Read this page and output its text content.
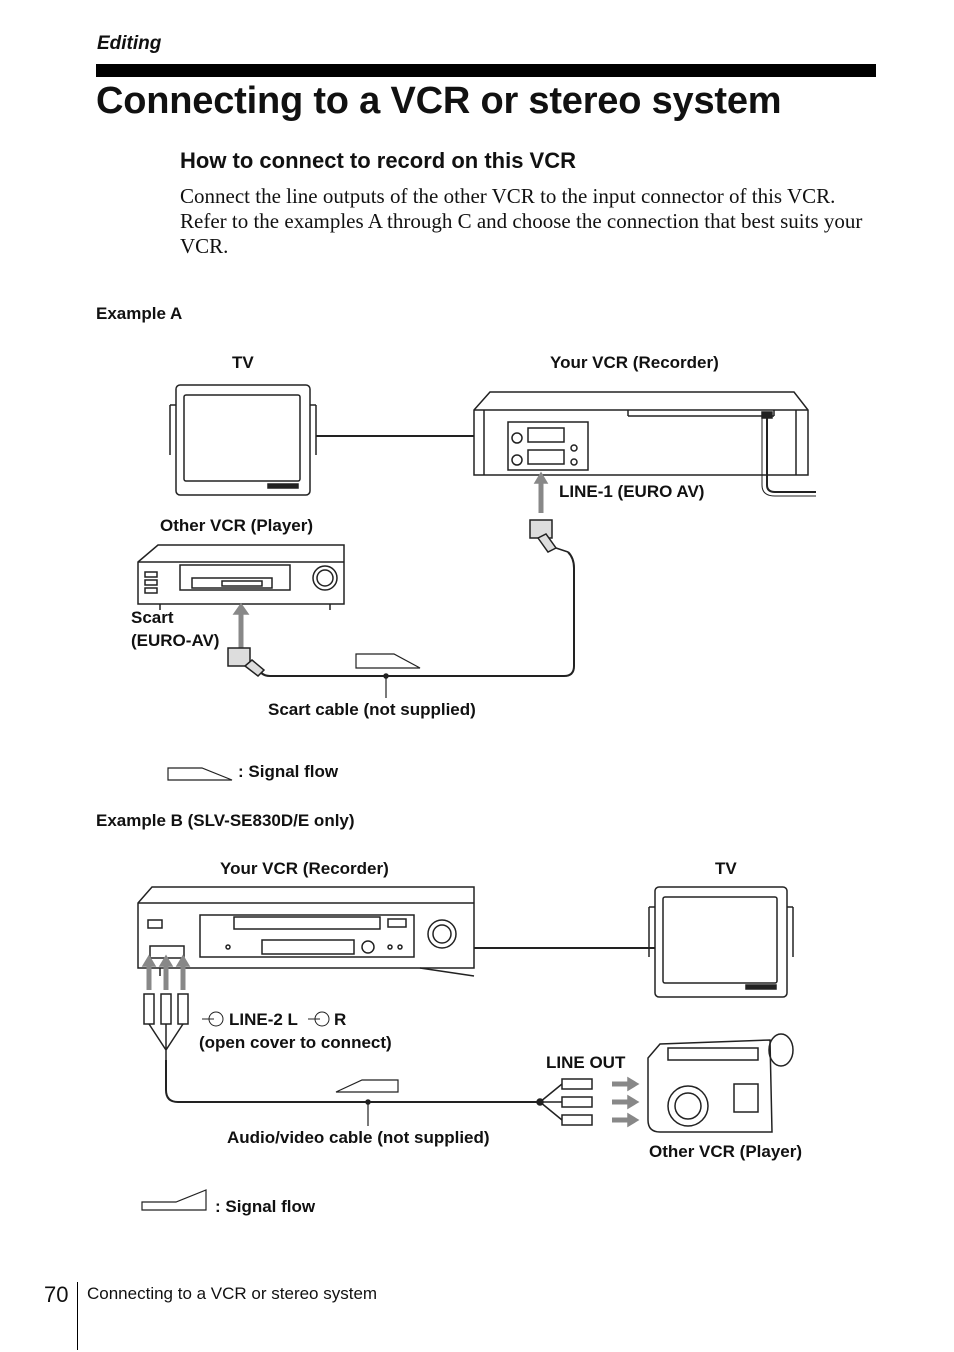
Editing
Connecting to a VCR or stereo system
How to connect to record on this VCR
Connect the line outputs of the other VCR to the input connector of this VCR. Refer to the examples A through C and choose the connection that best suits your VCR.
Example A
TV	Your VCR (Recorder)
LINE-1 (EURO AV)
Other VCR (Player)
Scart
(EURO-AV)
Scart cable (not supplied)
: Signal flow
Example B (SLV-SE830D/E only)
Your VCR (Recorder)	TV
LINE-2 L R
(open cover to connect)
LINE OUT
Audio/video cable (not supplied)
Other VCR (Player)
: Signal flow
70 Connecting to a VCR or stereo system
